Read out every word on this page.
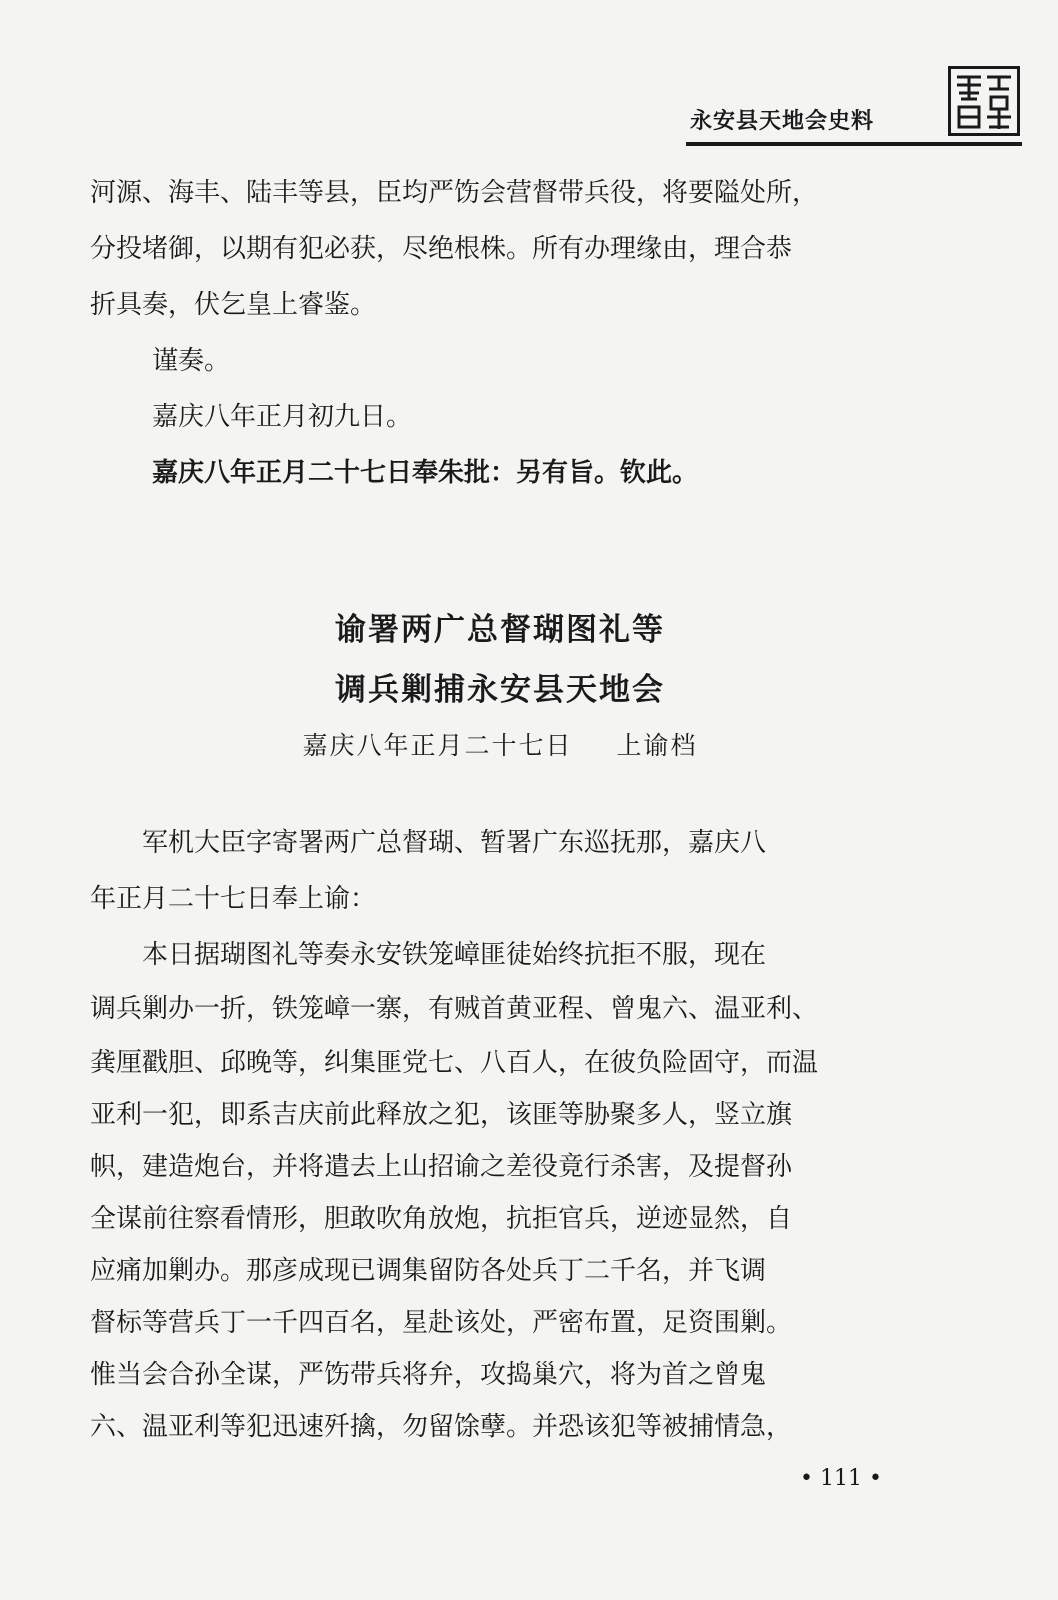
永安县天地会史料
河源、海丰、陆丰等县，臣均严饬会营督带兵役，将要隘处所，
分投堵御，以期有犯必获，尽绝根株。所有办理缘由，理合恭
折具奏，伏乞皇上睿鉴。
谨奏。
嘉庆八年正月初九日。
嘉庆八年正月二十七日奉朱批：另有旨。钦此。
谕署两广总督瑚图礼等
调兵剿捕永安县天地会
嘉庆八年正月二十七日 上谕档
　　军机大臣字寄署两广总督瑚、暂署广东巡抚那，嘉庆八
年正月二十七日奉上谕：
　　本日据瑚图礼等奏永安铁笼嶂匪徒始终抗拒不服，现在
调兵剿办一折，铁笼嶂一寨，有贼首黄亚程、曾鬼六、温亚利、
龚厘戳胆、邱晚等，纠集匪党七、八百人，在彼负险固守，而温
亚利一犯，即系吉庆前此释放之犯，该匪等胁聚多人，竖立旗
帜，建造炮台，并将遣去上山招谕之差役竟行杀害，及提督孙
全谋前往察看情形，胆敢吹角放炮，抗拒官兵，逆迹显然，自
应痛加剿办。那彦成现已调集留防各处兵丁二千名，并飞调
督标等营兵丁一千四百名，星赴该处，严密布置，足资围剿。
惟当会合孙全谋，严饬带兵将弁，攻捣巢穴，将为首之曾鬼
六、温亚利等犯迅速歼擒，勿留馀孽。并恐该犯等被捕情急，
• 111 •
